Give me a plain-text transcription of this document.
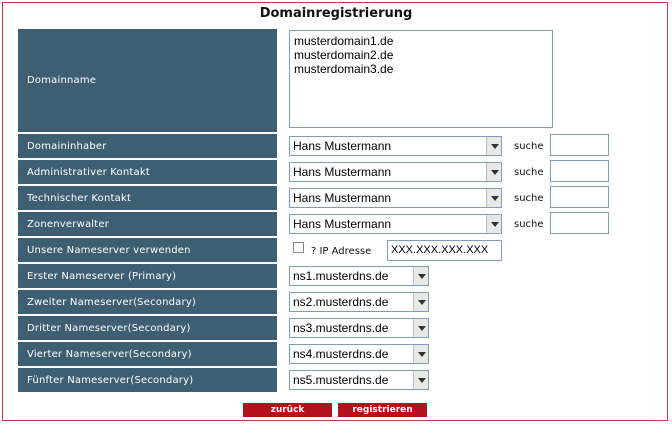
Domainregistrierung
Domainname
musterdomain1.de
musterdomain2.de
musterdomain3.de
Domaininhaber	Hans Mustermann	suche
Administrativer Kontakt	Hans Mustermann	suche
Technischer Kontakt	Hans Mustermann	suche
Zonenverwalter	Hans Mustermann	suche
Unsere Nameserver verwenden	? IP Adresse	XXX.XXX.XXX.XXX
Erster Nameserver (Primary)	ns1.musterdns.de
Zweiter Nameserver(Secondary)	ns2.musterdns.de
Dritter Nameserver(Secondary)	ns3.musterdns.de
Vierter Nameserver(Secondary)	ns4.musterdns.de
Fünfter Nameserver(Secondary)	ns5.musterdns.de
zurück	registrieren
